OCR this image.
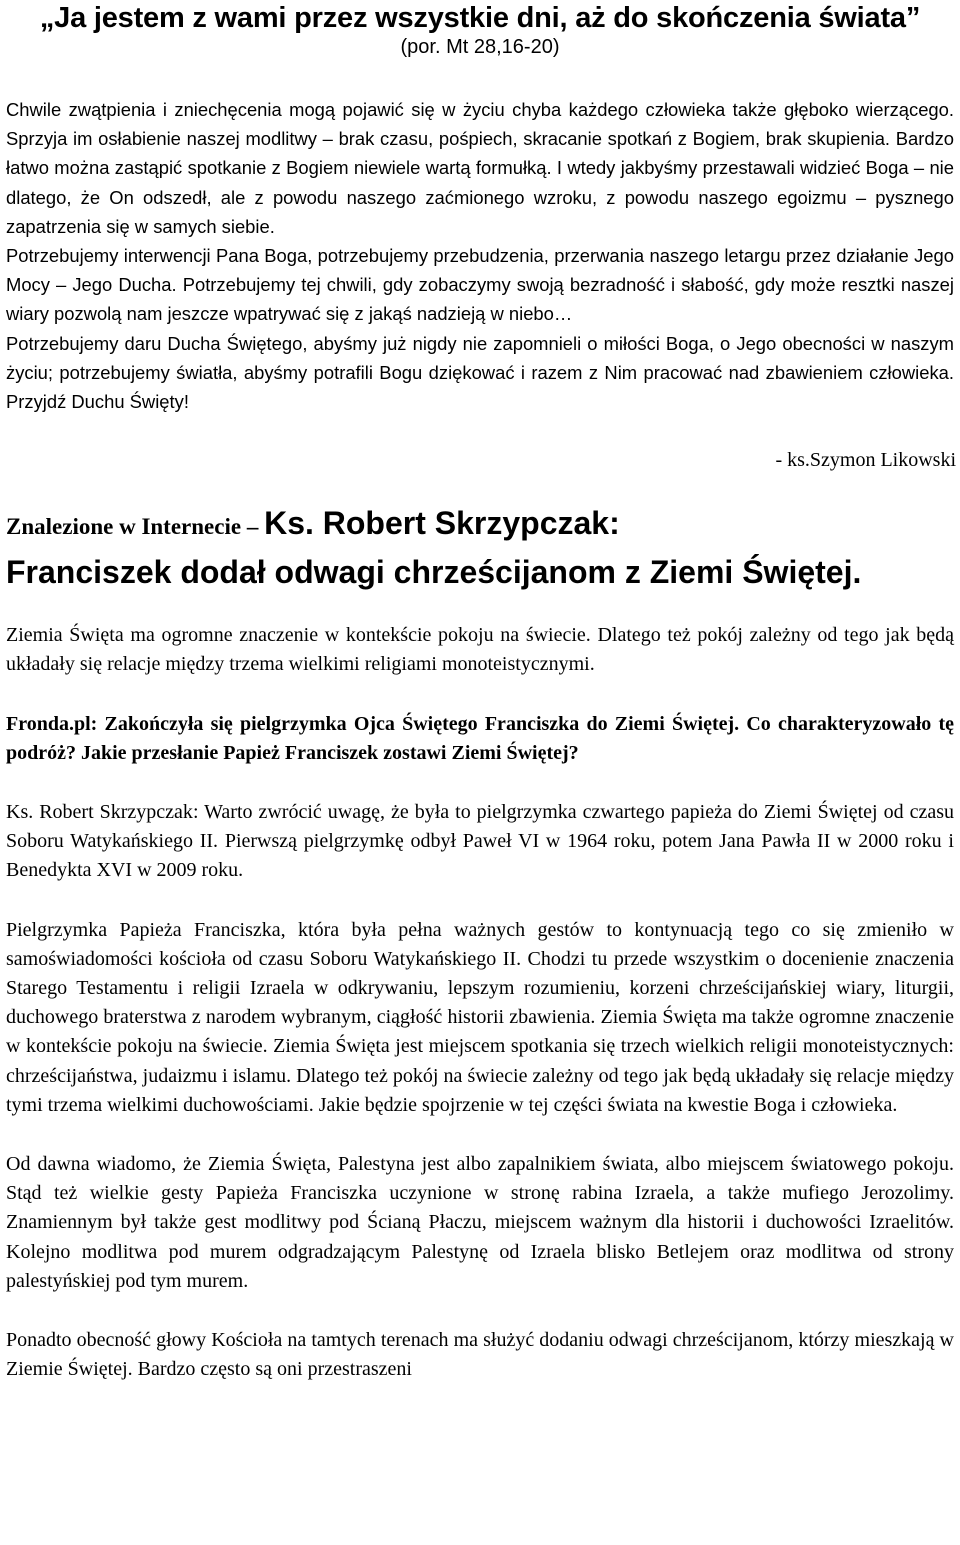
„Ja jestem z wami przez wszystkie dni, aż do skończenia świata”
(por. Mt 28,16-20)

Chwile zwątpienia i zniechęcenia mogą pojawić się w życiu chyba każdego człowieka także głęboko wierzącego. Sprzyja im osłabienie naszej modlitwy – brak czasu, pośpiech, skracanie spotkań z Bogiem, brak skupienia. Bardzo łatwo można zastąpić spotkanie z Bogiem niewiele wartą formułką. I wtedy jakbyśmy przestawali widzieć Boga – nie dlatego, że On odszedł, ale z powodu naszego zaćmionego wzroku, z powodu naszego egoizmu – pysznego zapatrzenia się w samych siebie.

Potrzebujemy interwencji Pana Boga, potrzebujemy przebudzenia, przerwania naszego letargu przez działanie Jego Mocy – Jego Ducha. Potrzebujemy tej chwili, gdy zobaczymy swoją bezradność i słabość, gdy może resztki naszej wiary pozwolą nam jeszcze wpatrywać się z jakąś nadzieją w niebo…

Potrzebujemy daru Ducha Świętego, abyśmy już nigdy nie zapomnieli o miłości Boga, o Jego obecności w naszym życiu; potrzebujemy światła, abyśmy potrafili Bogu dziękować i razem z Nim pracować nad zbawieniem człowieka. Przyjdź Duchu Święty!

- ks.Szymon Likowski
Znalezione w Internecie – Ks. Robert Skrzypczak:
Franciszek dodał odwagi chrześcijanom z Ziemi Świętej.

Ziemia Święta ma ogromne znaczenie w kontekście pokoju na świecie. Dlatego też pokój zależny od tego jak będą układały się relacje między trzema wielkimi religiami monoteistycznymi.

Fronda.pl: Zakończyła się pielgrzymka Ojca Świętego Franciszka do Ziemi Świętej. Co charakteryzowało tę podróż? Jakie przesłanie Papież Franciszek zostawi Ziemi Świętej?

Ks. Robert Skrzypczak: Warto zwrócić uwagę, że była to pielgrzymka czwartego papieża do Ziemi Świętej od czasu Soboru Watykańskiego II. Pierwszą pielgrzymkę odbył Paweł VI w 1964 roku, potem Jana Pawła II w 2000 roku i Benedykta XVI w 2009 roku.

Pielgrzymka Papieża Franciszka, która była pełna ważnych gestów to kontynuacją tego co się zmieniło w samoświadomości kościoła od czasu Soboru Watykańskiego II. Chodzi tu przede wszystkim o docenienie znaczenia Starego Testamentu i religii Izraela w odkrywaniu, lepszym rozumieniu, korzeni chrześcijańskiej wiary, liturgii, duchowego braterstwa z narodem wybranym, ciągłość historii zbawienia. Ziemia Święta ma także ogromne znaczenie w kontekście pokoju na świecie. Ziemia Święta jest miejscem spotkania się trzech wielkich religii monoteistycznych: chrześcijaństwa, judaizmu i islamu. Dlatego też pokój na świecie zależny od tego jak będą układały się relacje między tymi trzema wielkimi duchowościami. Jakie będzie spojrzenie w tej części świata na kwestie Boga i człowieka.

Od dawna wiadomo, że Ziemia Święta, Palestyna jest albo zapalnikiem świata, albo miejscem światowego pokoju. Stąd też wielkie gesty Papieża Franciszka uczynione w stronę rabina Izraela, a także mufiego Jerozolimy. Znamiennym był także gest modlitwy pod Ścianą Płaczu, miejscem ważnym dla historii i duchowości Izraelitów. Kolejno modlitwa pod murem odgradzającym Palestynę od Izraela blisko Betlejem oraz modlitwa od strony palestyńskiej pod tym murem.

Ponadto obecność głowy Kościoła na tamtych terenach ma służyć dodaniu odwagi chrześcijanom, którzy mieszkają w Ziemie Świętej. Bardzo często są oni przestraszeni
